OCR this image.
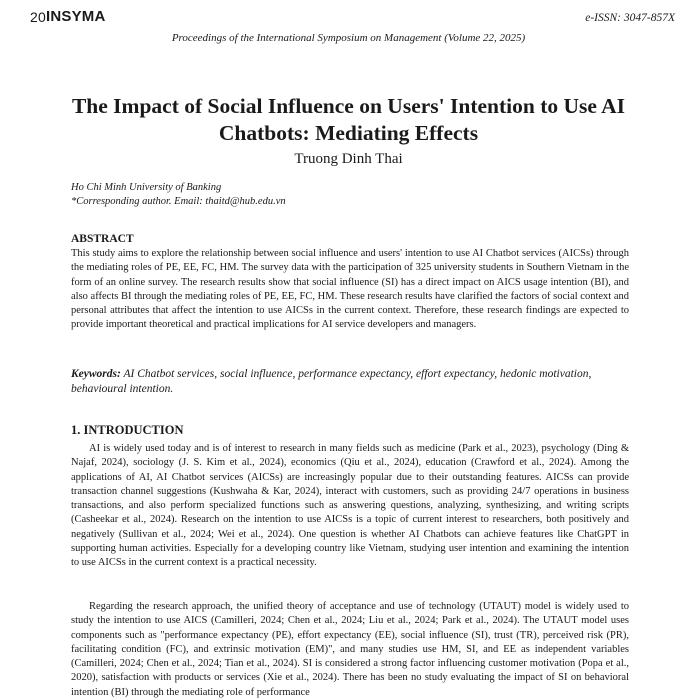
20 INSYMA	e-ISSN: 3047-857X
Proceedings of the International Symposium on Management (Volume 22, 2025)
The Impact of Social Influence on Users' Intention to Use AI Chatbots: Mediating Effects
Truong Dinh Thai
Ho Chi Minh University of Banking
*Corresponding author. Email: thaitd@hub.edu.vn
ABSTRACT

This study aims to explore the relationship between social influence and users' intention to use AI Chatbot services (AICSs) through the mediating roles of PE, EE, FC, HM. The survey data with the participation of 325 university students in Southern Vietnam in the form of an online survey. The research results show that social influence (SI) has a direct impact on AICS usage intention (BI), and also affects BI through the mediating roles of PE, EE, FC, HM. These research results have clarified the factors of social context and personal attributes that affect the intention to use AICSs in the current context. Therefore, these research findings are expected to provide important theoretical and practical implications for AI service developers and managers.

Keywords: AI Chatbot services, social influence, performance expectancy, effort expectancy, hedonic motivation, behavioural intention.

1. INTRODUCTION

AI is widely used today and is of interest to research in many fields such as medicine (Park et al., 2023), psychology (Ding & Najaf, 2024), sociology (J. S. Kim et al., 2024), economics (Qiu et al., 2024), education (Crawford et al., 2024). Among the applications of AI, AI Chatbot services (AICSs) are increasingly popular due to their outstanding features. AICSs can provide transaction channel suggestions (Kushwaha & Kar, 2024), interact with customers, such as providing 24/7 operations in business transactions, and also perform specialized functions such as answering questions, analyzing, synthesizing, and writing scripts (Casheekar et al., 2024). Research on the intention to use AICSs is a topic of current interest to researchers, both positively and negatively (Sullivan et al., 2024; Wei et al., 2024). One question is whether AI Chatbots can achieve features like ChatGPT in supporting human activities. Especially for a developing country like Vietnam, studying user intention and examining the intention to use AICSs in the current context is a practical necessity.

Regarding the research approach, the unified theory of acceptance and use of technology (UTAUT) model is widely used to study the intention to use AICS (Camilleri, 2024; Chen et al., 2024; Liu et al., 2024; Park et al., 2024). The UTAUT model uses components such as "performance expectancy (PE), effort expectancy (EE), social influence (SI), trust (TR), perceived risk (PR), facilitating condition (FC), and extrinsic motivation (EM)", and many studies use HM, SI, and EE as independent variables (Camilleri, 2024; Chen et al., 2024; Tian et al., 2024). SI is considered a strong factor influencing customer motivation (Popa et al., 2020), satisfaction with products or services (Xie et al., 2024). There has been no study evaluating the impact of SI on behavioral intention (BI) through the mediating role of performance
